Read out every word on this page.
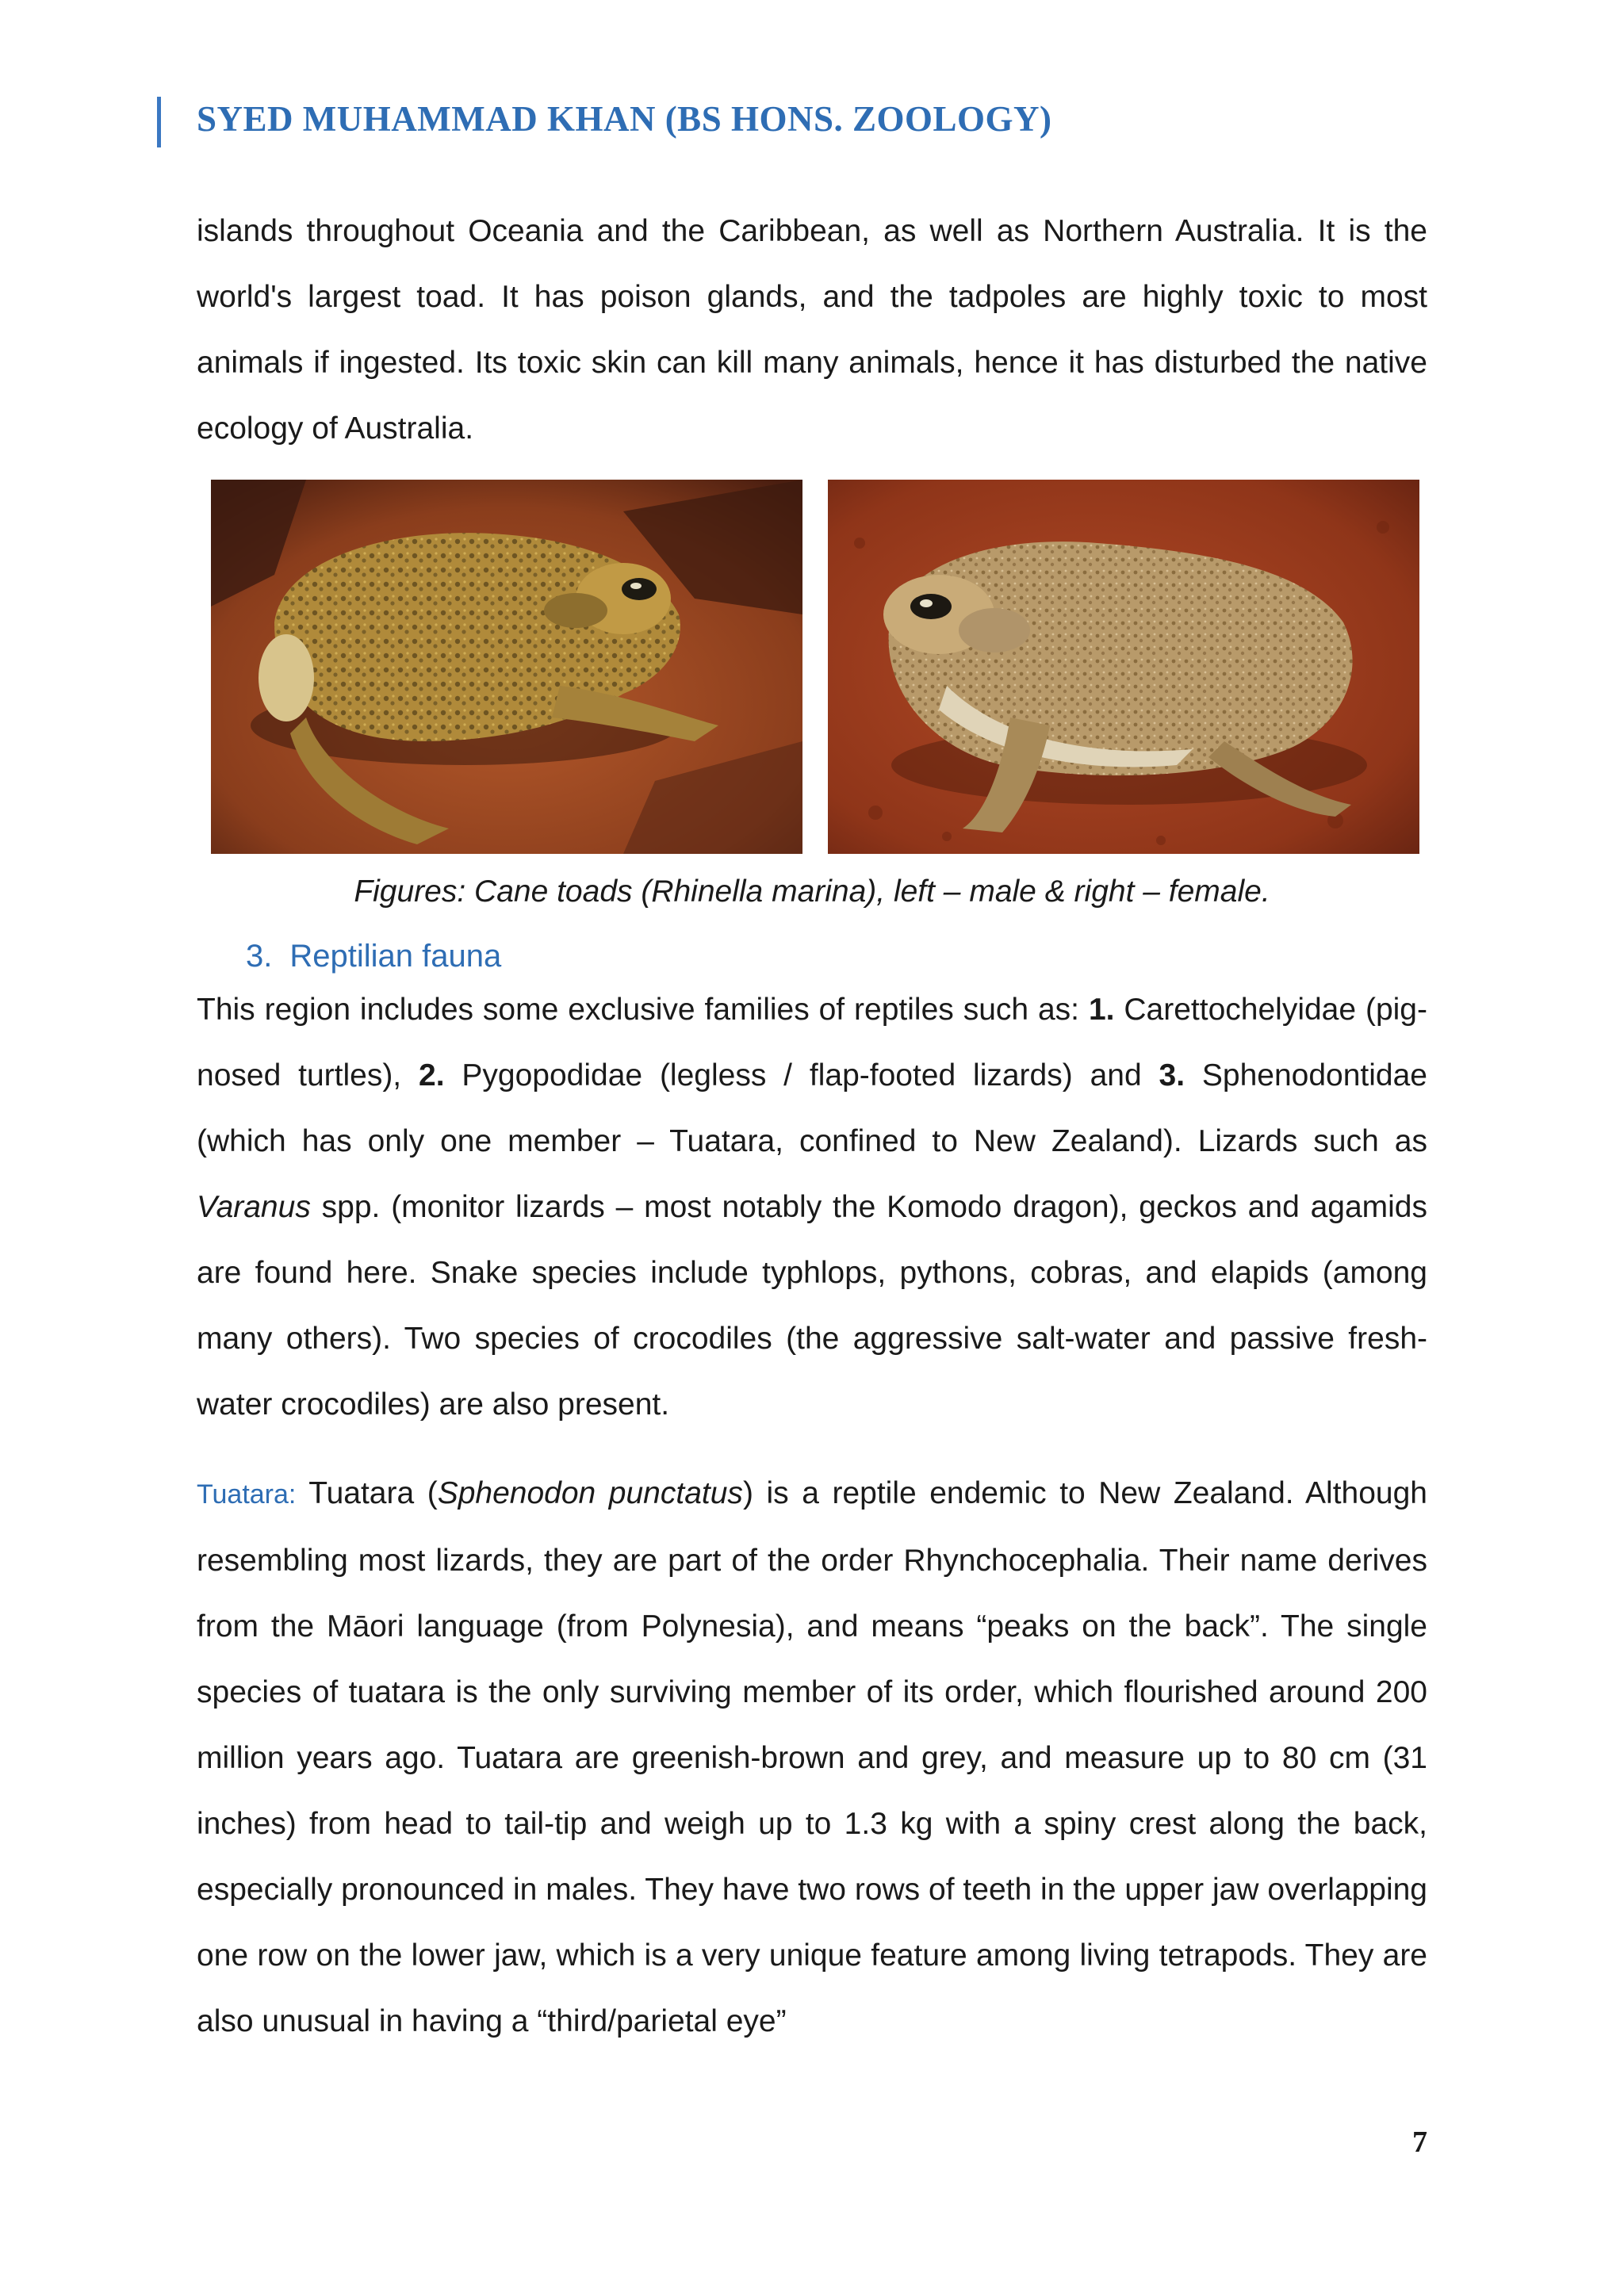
SYED MUHAMMAD KHAN (BS HONS. ZOOLOGY)

islands throughout Oceania and the Caribbean, as well as Northern Australia. It is the world's largest toad. It has poison glands, and the tadpoles are highly toxic to most animals if ingested. Its toxic skin can kill many animals, hence it has disturbed the native ecology of Australia.

Figures: Cane toads (Rhinella marina), left – male & right – female.
3. Reptilian fauna

This region includes some exclusive families of reptiles such as: 1. Carettochelyidae (pig-nosed turtles), 2. Pygopodidae (legless / flap-footed lizards) and 3. Sphenodontidae (which has only one member – Tuatara, confined to New Zealand). Lizards such as Varanus spp. (monitor lizards – most notably the Komodo dragon), geckos and agamids are found here. Snake species include typhlops, pythons, cobras, and elapids (among many others). Two species of crocodiles (the aggressive salt-water and passive fresh-water crocodiles) are also present.

Tuatara: Tuatara (Sphenodon punctatus) is a reptile endemic to New Zealand. Although resembling most lizards, they are part of the order Rhynchocephalia. Their name derives from the Māori language (from Polynesia), and means “peaks on the back”. The single species of tuatara is the only surviving member of its order, which flourished around 200 million years ago. Tuatara are greenish-brown and grey, and measure up to 80 cm (31 inches) from head to tail-tip and weigh up to 1.3 kg with a spiny crest along the back, especially pronounced in males. They have two rows of teeth in the upper jaw overlapping one row on the lower jaw, which is a very unique feature among living tetrapods. They are also unusual in having a “third/parietal eye”

7
